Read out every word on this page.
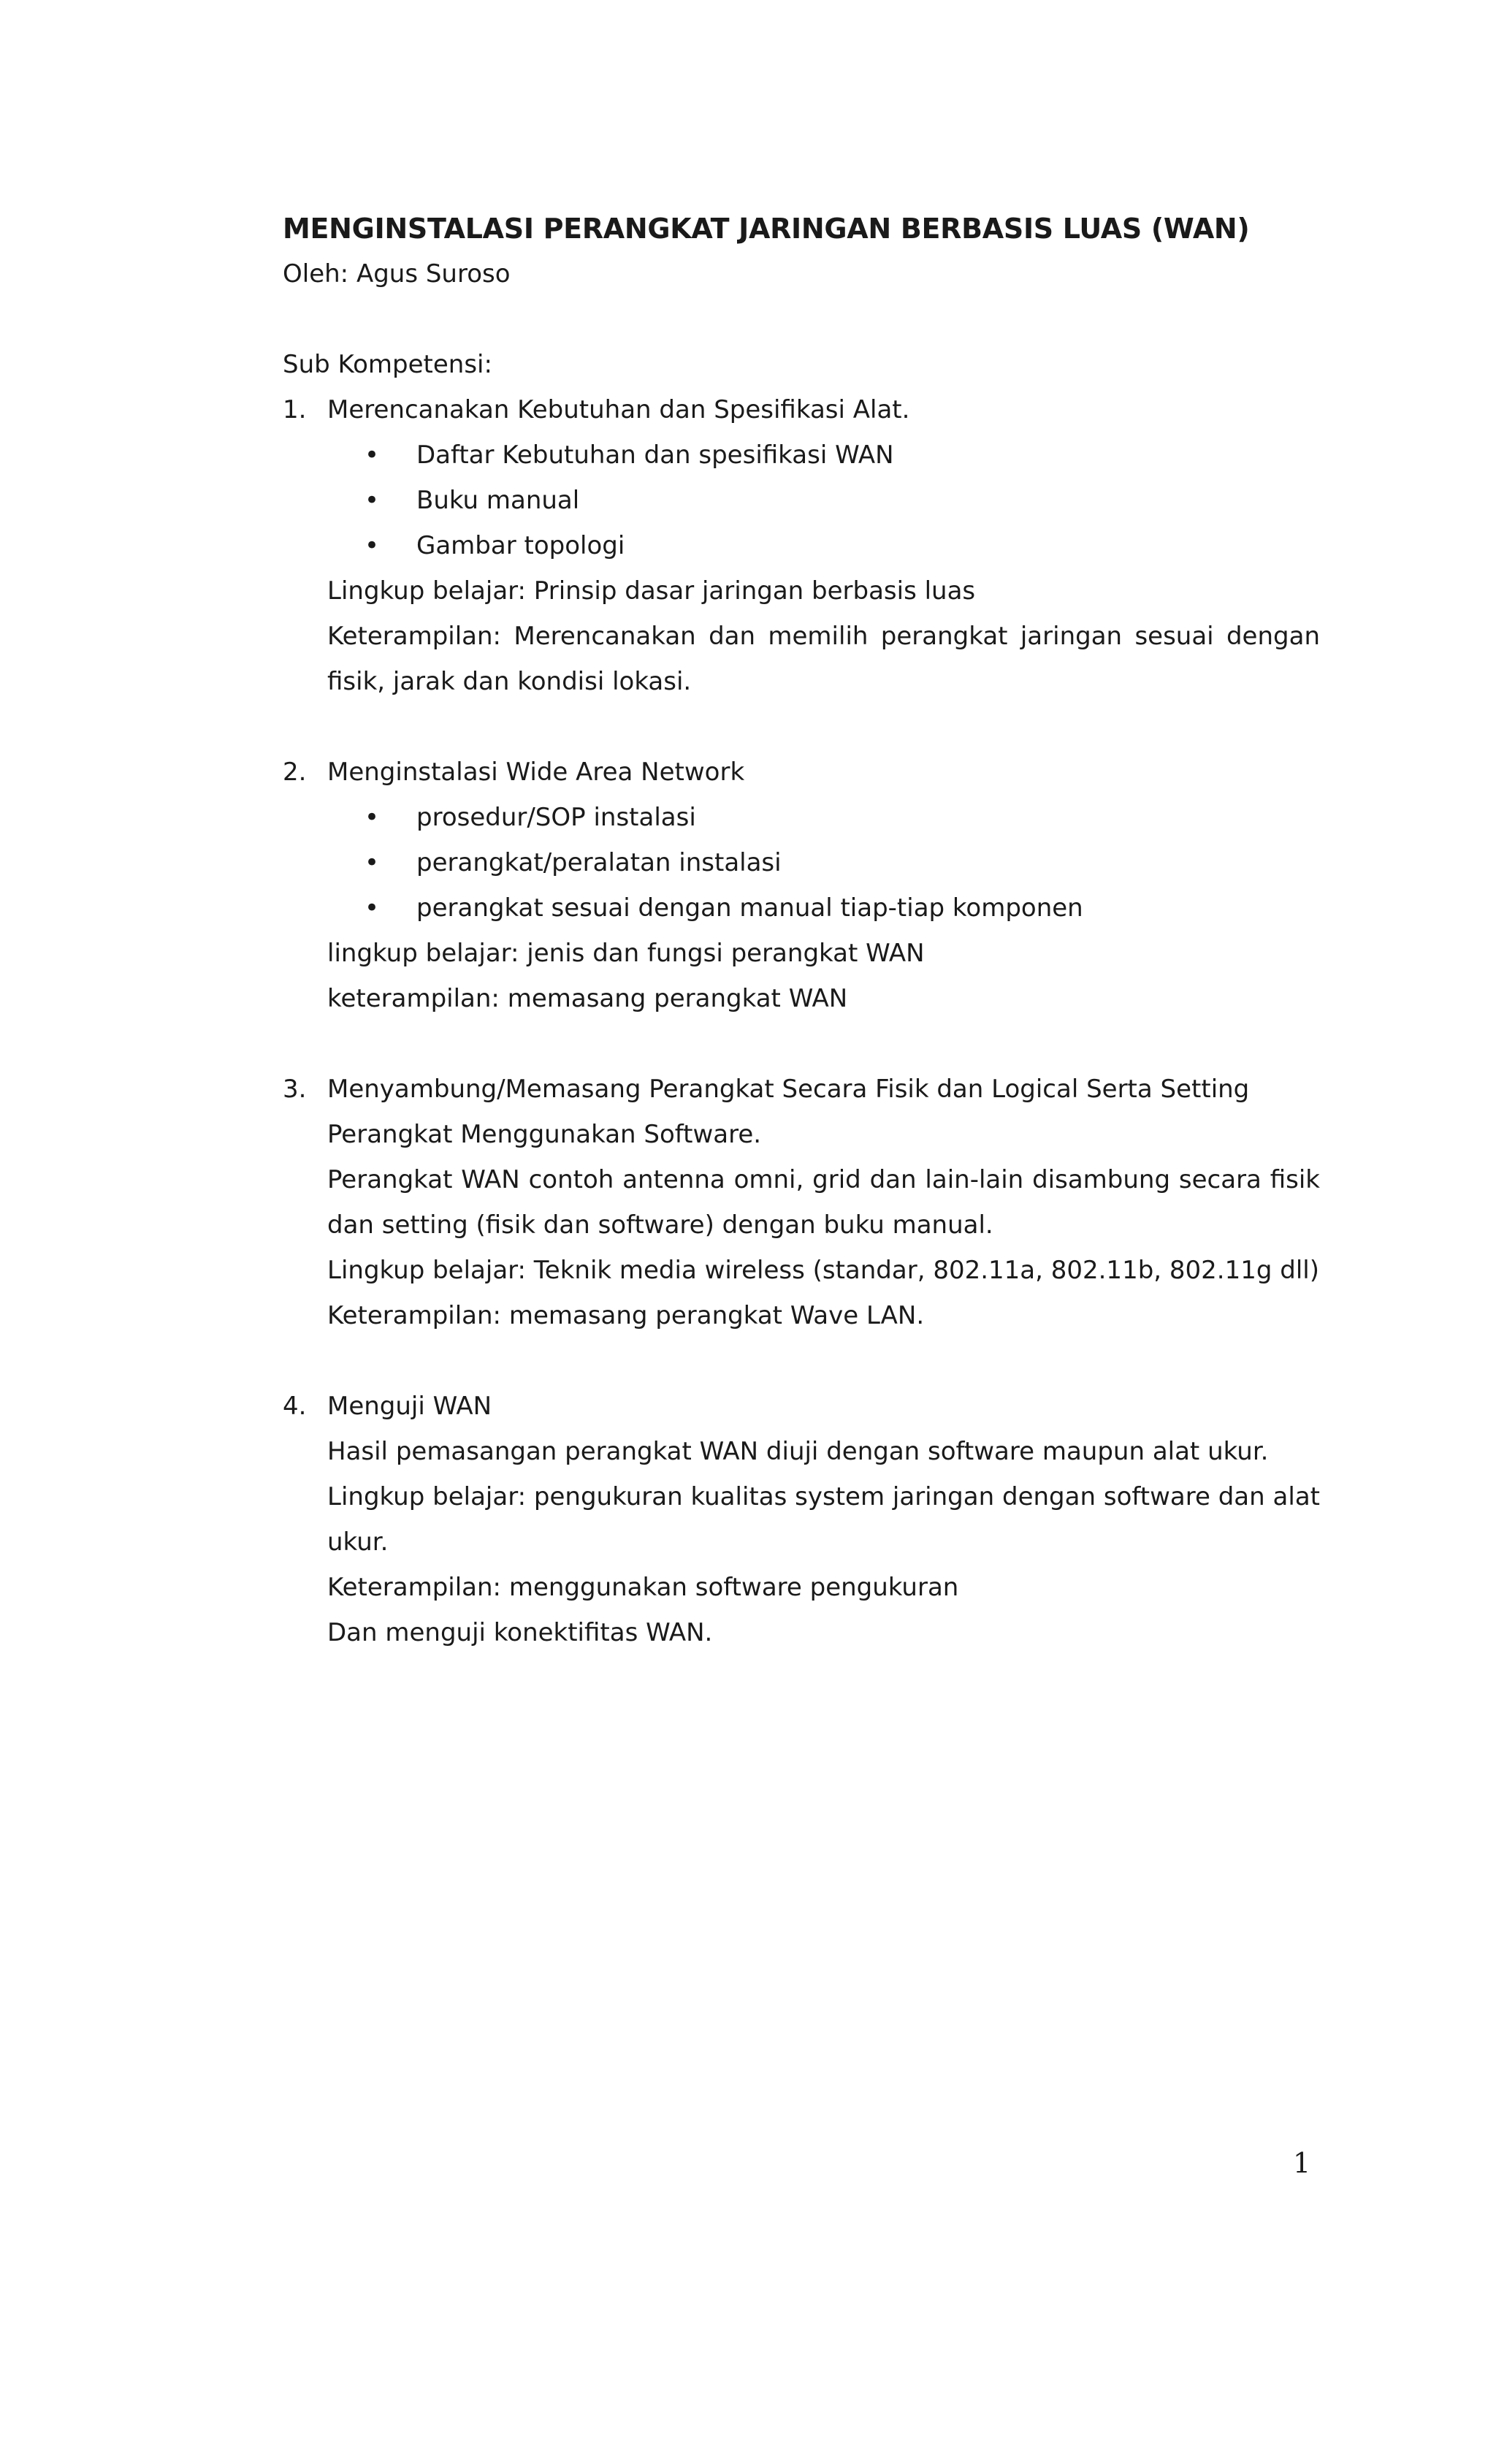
MENGINSTALASI PERANGKAT JARINGAN BERBASIS LUAS (WAN)

Oleh: Agus Suroso

Sub Kompetensi:

1. Merencanakan Kebutuhan dan Spesifikasi Alat.
•	Daftar Kebutuhan dan spesifikasi WAN
•	Buku manual
•	Gambar topologi

Lingkup belajar: Prinsip dasar jaringan berbasis luas

Keterampilan: Merencanakan dan memilih perangkat jaringan sesuai dengan fisik, jarak dan kondisi lokasi.

2. Menginstalasi Wide Area Network
•	prosedur/SOP instalasi
•	perangkat/peralatan instalasi
•	perangkat sesuai dengan manual tiap-tiap komponen

lingkup belajar: jenis dan fungsi perangkat WAN

keterampilan: memasang perangkat WAN

3. Menyambung/Memasang Perangkat Secara Fisik dan Logical Serta Setting

Perangkat Menggunakan Software.

Perangkat WAN contoh antenna omni, grid dan lain-lain disambung secara fisik dan setting (fisik dan software) dengan buku manual.

Lingkup belajar: Teknik media wireless (standar, 802.11a, 802.11b, 802.11g dll)

Keterampilan: memasang perangkat Wave LAN.

4. Menguji WAN

Hasil pemasangan perangkat WAN diuji dengan software maupun alat ukur.

Lingkup belajar: pengukuran kualitas system jaringan dengan software dan alat ukur.

Keterampilan: menggunakan software pengukuran

Dan menguji konektifitas WAN.

1
